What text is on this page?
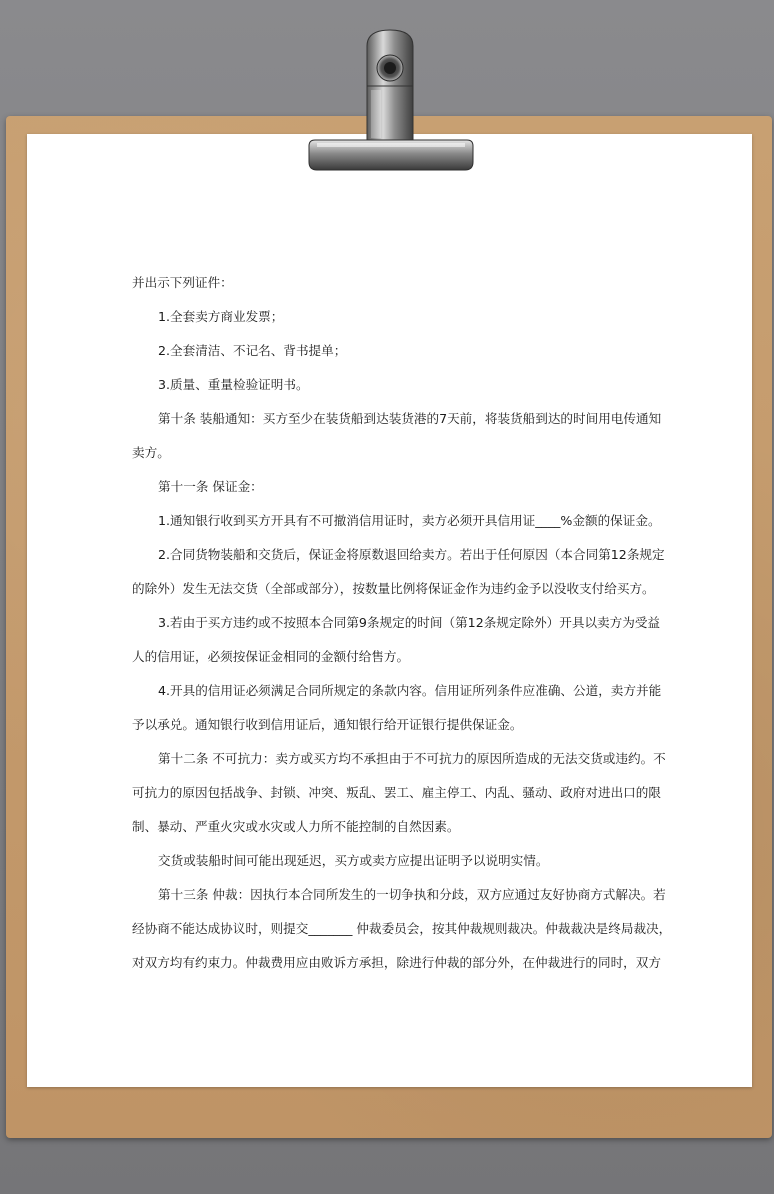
并出示下列证件：

1.全套卖方商业发票；

2.全套清洁、不记名、背书提单；

3.质量、重量检验证明书。

第十条 装船通知：买方至少在装货船到达装货港的7天前，将装货船到达的时间用电传通知

卖方。

第十一条 保证金：

1.通知银行收到买方开具有不可撤消信用证时，卖方必须开具信用证____%金额的保证金。

2.合同货物装船和交货后，保证金将原数退回给卖方。若出于任何原因（本合同第12条规定

的除外）发生无法交货（全部或部分），按数量比例将保证金作为违约金予以没收支付给买方。

3.若由于买方违约或不按照本合同第9条规定的时间（第12条规定除外）开具以卖方为受益

人的信用证，必须按保证金相同的金额付给售方。

4.开具的信用证必须满足合同所规定的条款内容。信用证所列条件应准确、公道，卖方并能

予以承兑。通知银行收到信用证后，通知银行给开证银行提供保证金。

第十二条 不可抗力：卖方或买方均不承担由于不可抗力的原因所造成的无法交货或违约。不

可抗力的原因包括战争、封锁、冲突、叛乱、罢工、雇主停工、内乱、骚动、政府对进出口的限

制、暴动、严重火灾或水灾或人力所不能控制的自然因素。

交货或装船时间可能出现延迟，买方或卖方应提出证明予以说明实情。

第十三条 仲裁：因执行本合同所发生的一切争执和分歧，双方应通过友好协商方式解决。若

经协商不能达成协议时，则提交_______ 仲裁委员会，按其仲裁规则裁决。仲裁裁决是终局裁决，

对双方均有约束力。仲裁费用应由败诉方承担，除进行仲裁的部分外，在仲裁进行的同时，双方
